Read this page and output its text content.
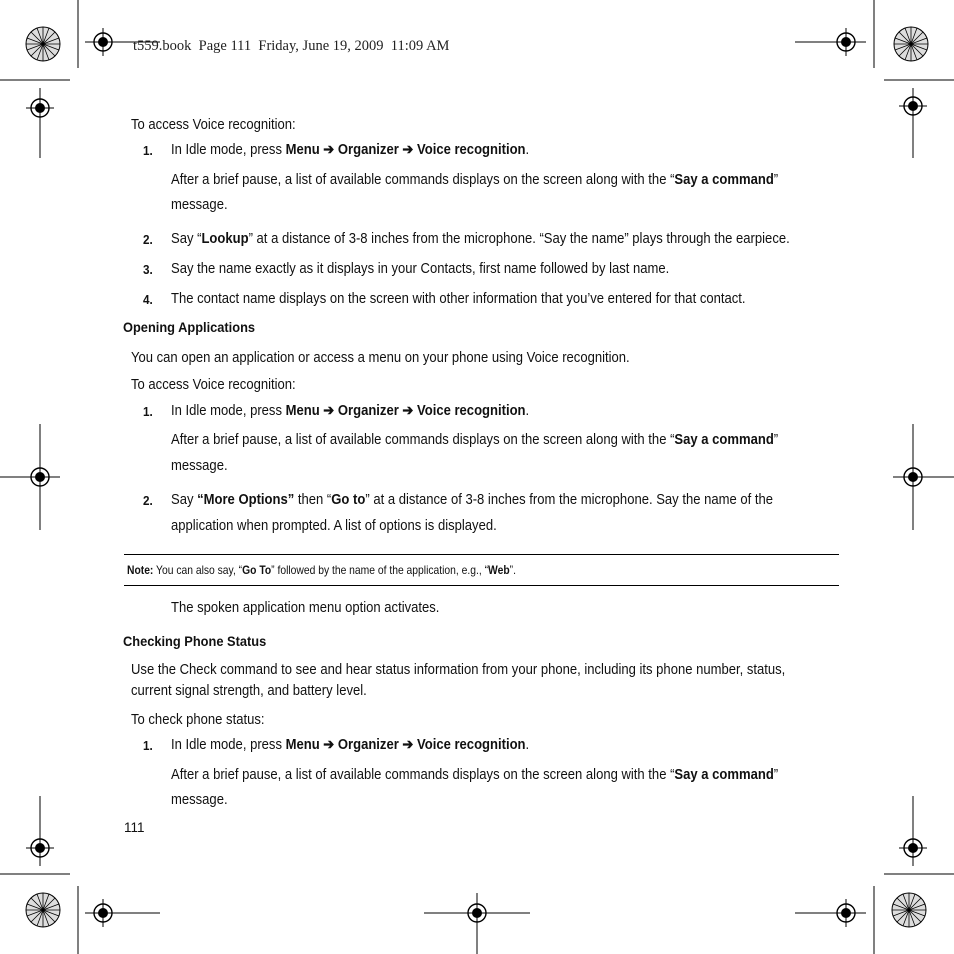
t559.book  Page 111  Friday, June 19, 2009  11:09 AM
To access Voice recognition:
1. In Idle mode, press Menu ➔ Organizer ➔ Voice recognition.
After a brief pause, a list of available commands displays on the screen along with the “Say a command”
message.
2. Say “Lookup” at a distance of 3-8 inches from the microphone. “Say the name” plays through the earpiece.
3. Say the name exactly as it displays in your Contacts, first name followed by last name.
4. The contact name displays on the screen with other information that you’ve entered for that contact.
Opening Applications
You can open an application or access a menu on your phone using Voice recognition.
To access Voice recognition:
1. In Idle mode, press Menu ➔ Organizer ➔ Voice recognition.
After a brief pause, a list of available commands displays on the screen along with the “Say a command”
message.
2. Say “More Options” then “Go to” at a distance of 3-8 inches from the microphone. Say the name of the
application when prompted. A list of options is displayed.
Note: You can also say, “Go To” followed by the name of the application, e.g., “Web”.
The spoken application menu option activates.
Checking Phone Status
Use the Check command to see and hear status information from your phone, including its phone number, status, current signal strength, and battery level.
To check phone status:
1. In Idle mode, press Menu ➔ Organizer ➔ Voice recognition.
After a brief pause, a list of available commands displays on the screen along with the “Say a command”
message.
111
